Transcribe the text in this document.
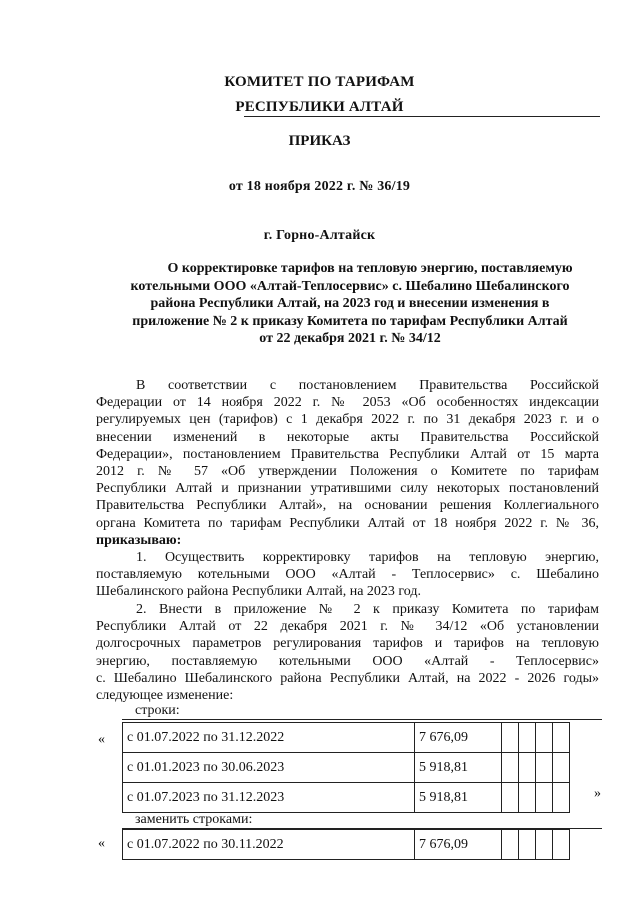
КОМИТЕТ ПО ТАРИФАМ
РЕСПУБЛИКИ АЛТАЙ
ПРИКАЗ
от 18 ноября 2022 г. № 36/19
г. Горно-Алтайск
О корректировке тарифов на тепловую энергию, поставляемую
котельными ООО «Алтай-Теплосервис» с. Шебалино Шебалинского
района Республики Алтай, на 2023 год и внесении изменения в
приложение № 2 к приказу Комитета по тарифам Республики Алтай
от 22 декабря 2021 г. № 34/12
В соответствии с постановлением Правительства Российской
Федерации от 14 ноября 2022 г. № 2053 «Об особенностях индексации
регулируемых цен (тарифов) с 1 декабря 2022 г. по 31 декабря 2023 г. и о
внесении изменений в некоторые акты Правительства Российской
Федерации», постановлением Правительства Республики Алтай от 15 марта
2012 г. № 57 «Об утверждении Положения о Комитете по тарифам
Республики Алтай и признании утратившими силу некоторых постановлений
Правительства Республики Алтай», на основании решения Коллегиального
органа Комитета по тарифам Республики Алтай от 18 ноября 2022 г. № 36,
приказываю:
1. Осуществить корректировку тарифов на тепловую энергию,
поставляемую котельными ООО «Алтай - Теплосервис» с. Шебалино
Шебалинского района Республики Алтай, на 2023 год.
2. Внести в приложение № 2 к приказу Комитета по тарифам
Республики Алтай от 22 декабря 2021 г. № 34/12 «Об установлении
долгосрочных параметров регулирования тарифов и тарифов на тепловую
энергию, поставляемую котельными ООО «Алтай - Теплосервис»
с. Шебалино Шебалинского района Республики Алтай, на 2022 - 2026 годы»
следующее изменение:
строки:
« с 01.07.2022 по 31.12.2022	7 676,09				
с 01.01.2023 по 30.06.2023	5 918,81				
с 01.07.2023 по 31.12.2023	5 918,81					»
заменить строками:
« с 01.07.2022 по 30.11.2022	7 676,09				
